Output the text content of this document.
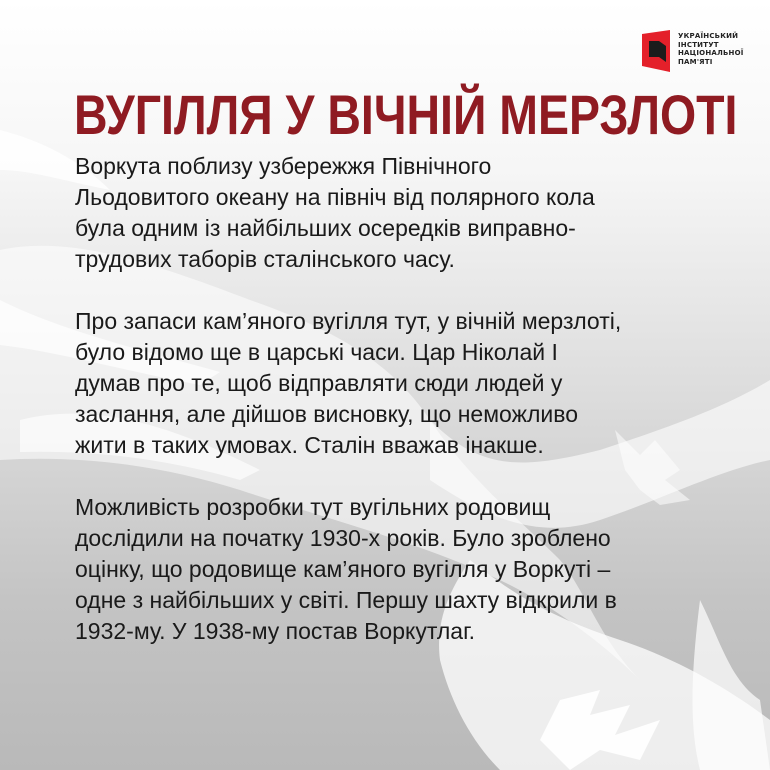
УКРАЇНСЬКИЙ
ІНСТИТУТ
НАЦІОНАЛЬНОЇ
ПАМ'ЯТІ
ВУГІЛЛЯ У ВІЧНІЙ МЕРЗЛОТІ

Воркута поблизу узбережжя Північного
Льодовитого океану на північ від полярного кола
була одним із найбільших осередків виправно-
трудових таборів сталінського часу.

Про запаси кам’яного вугілля тут, у вічній мерзлоті,
було відомо ще в царські часи. Цар Ніколай І
думав про те, щоб відправляти сюди людей у
заслання, але дійшов висновку, що неможливо
жити в таких умовах. Сталін вважав інакше.

Можливість розробки тут вугільних родовищ
дослідили на початку 1930-х років. Було зроблено
оцінку, що родовище кам’яного вугілля у Воркуті –
одне з найбільших у світі. Першу шахту відкрили в
1932-му. У 1938-му постав Воркутлаг.
